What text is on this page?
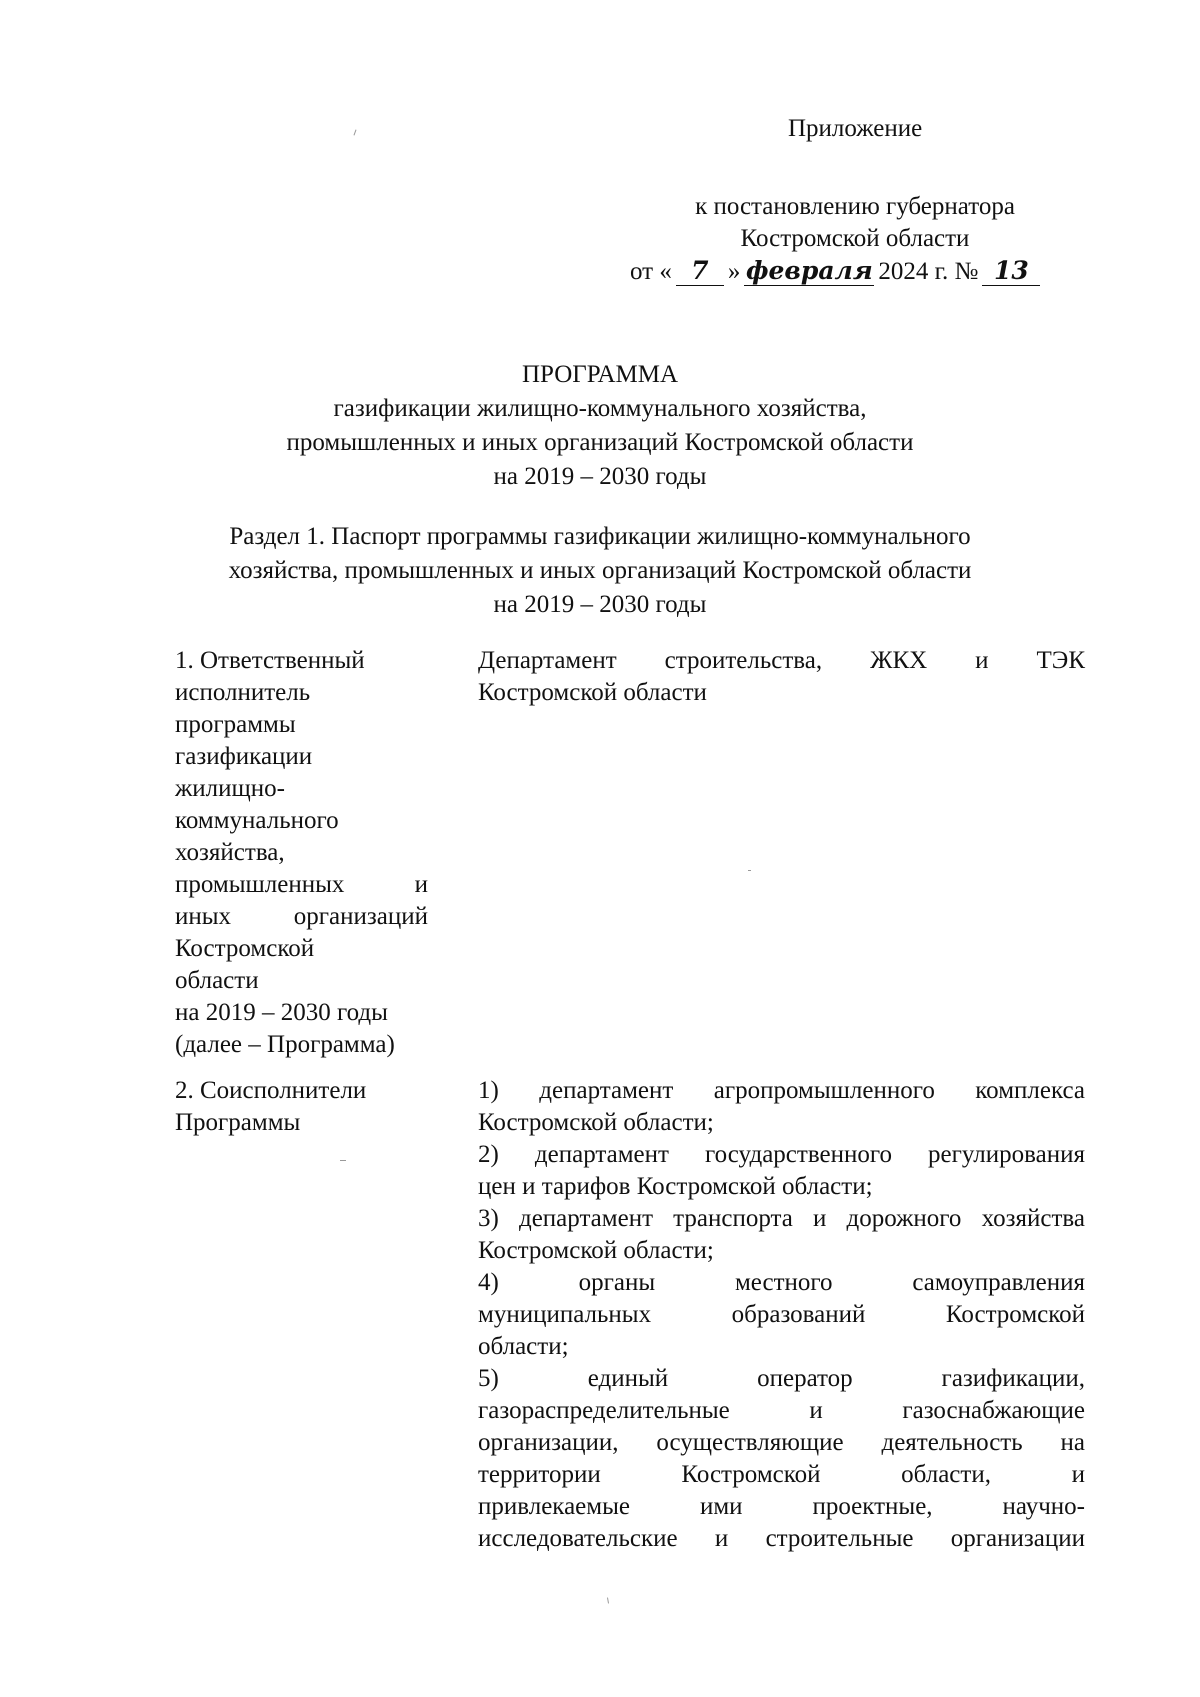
Приложение
к постановлению губернатора
Костромской области
от « 7 » февраля 2024 г. № 13
ПРОГРАММА
газификации жилищно-коммунального хозяйства,
промышленных и иных организаций Костромской области
на 2019 – 2030 годы
Раздел 1. Паспорт программы газификации жилищно-коммунального
хозяйства, промышленных и иных организаций Костромской области
на 2019 – 2030 годы
1. Ответственный
исполнитель
программы
газификации
жилищно-
коммунального
хозяйства,
промышленных и
иных организаций
Костромской
области
на 2019 – 2030 годы
(далее – Программа)
Департамент строительства, ЖКХ и ТЭК
Костромской области
2. Соисполнители
Программы
1) департамент агропромышленного комплекса
Костромской области;
2) департамент государственного регулирования
цен и тарифов Костромской области;
3) департамент транспорта и дорожного хозяйства
Костромской области;
4) органы местного самоуправления
муниципальных образований Костромской
области;
5) единый оператор газификации,
газораспределительные и газоснабжающие
организации, осуществляющие деятельность на
территории Костромской области, и
привлекаемые ими проектные, научно-
исследовательские и строительные организации
